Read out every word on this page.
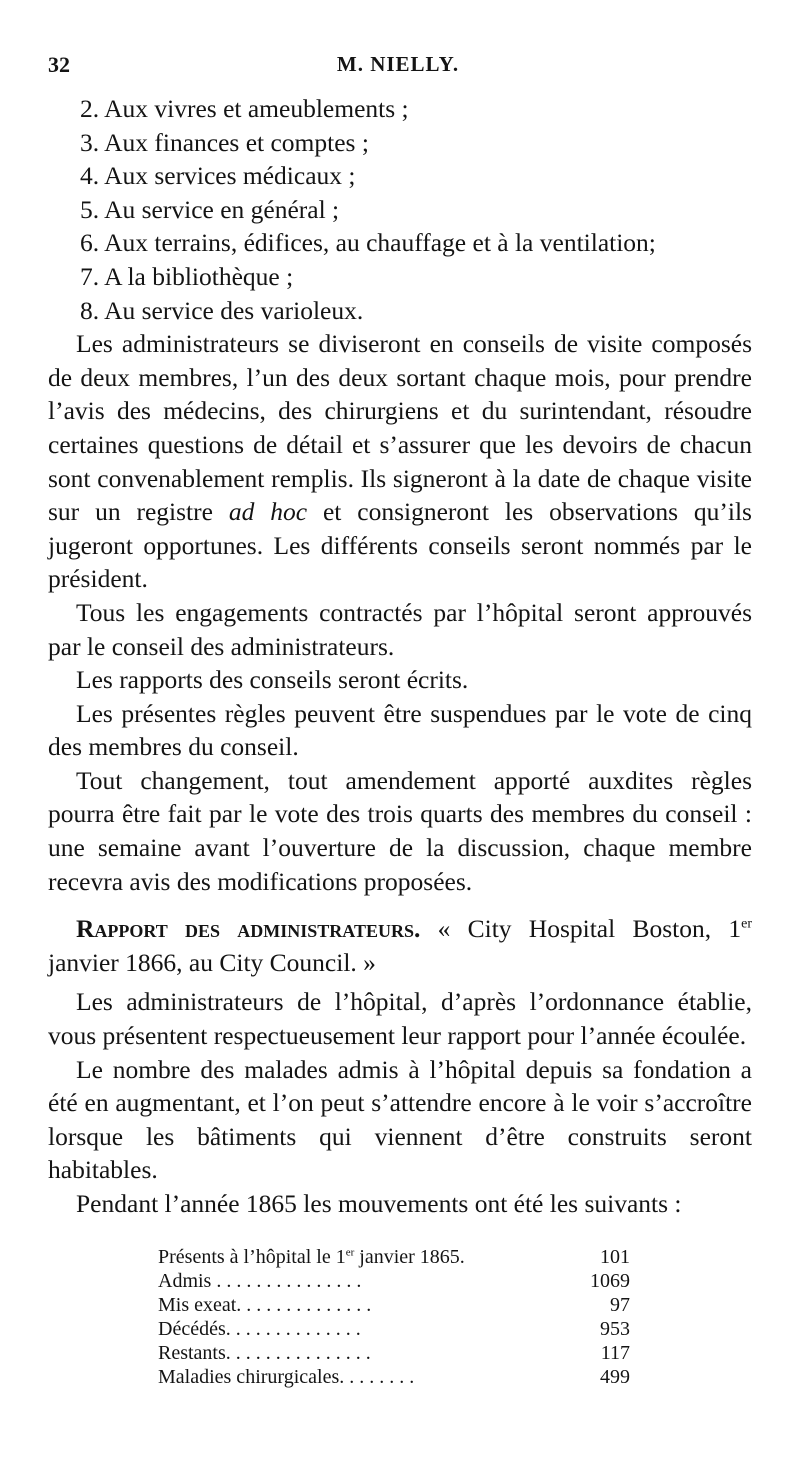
32	M. NIELLY.
2. Aux vivres et ameublements ;
3. Aux finances et comptes ;
4. Aux services médicaux ;
5. Au service en général ;
6. Aux terrains, édifices, au chauffage et à la ventilation;
7. A la bibliothèque ;
8. Au service des varioleux.

Les administrateurs se diviseront en conseils de visite composés de deux membres, l’un des deux sortant chaque mois, pour prendre l’avis des médecins, des chirurgiens et du surintendant, résoudre certaines questions de détail et s’assurer que les devoirs de chacun sont convenablement remplis. Ils signeront à la date de chaque visite sur un registre ad hoc et consigneront les observations qu’ils jugeront opportunes. Les différents conseils seront nommés par le président.

Tous les engagements contractés par l’hôpital seront approuvés par le conseil des administrateurs.

Les rapports des conseils seront écrits.

Les présentes règles peuvent être suspendues par le vote de cinq des membres du conseil.

Tout changement, tout amendement apporté auxdites règles pourra être fait par le vote des trois quarts des membres du conseil : une semaine avant l’ouverture de la discussion, chaque membre recevra avis des modifications proposées.

Rapport des administrateurs. « City Hospital Boston, 1er janvier 1866, au City Council. »

Les administrateurs de l’hôpital, d’après l’ordonnance établie, vous présentent respectueusement leur rapport pour l’année écoulée.

Le nombre des malades admis à l’hôpital depuis sa fondation a été en augmentant, et l’on peut s’attendre encore à le voir s’accroître lorsque les bâtiments qui viennent d’être construits seront habitables.

Pendant l’année 1865 les mouvements ont été les suivants :

Présents à l’hôpital le 1er janvier 1865.	101
Admis . . . . . . . . . . . . . . .	1069
Mis exeat. . . . . . . . . . . . . .	97
Décédés. . . . . . . . . . . . . .	953
Restants. . . . . . . . . . . . . . .	117
Maladies chirurgicales. . . . . . . .	499
